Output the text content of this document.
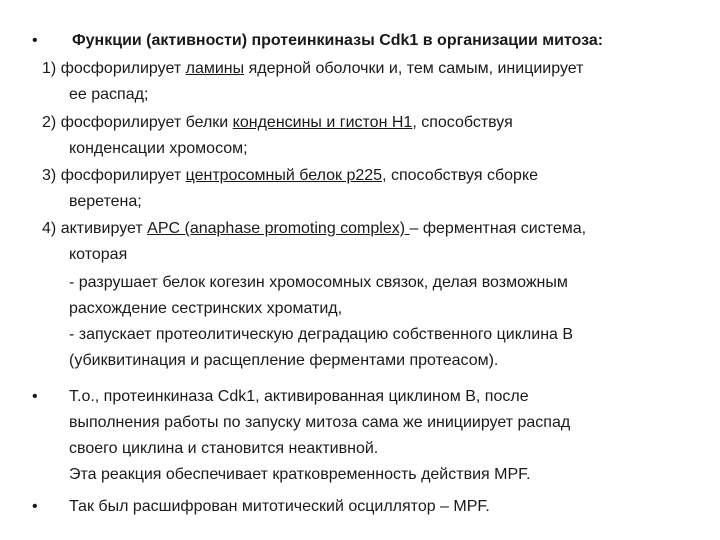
• Функции (активности) протеинкиназы Cdk1 в организации митоза:
1) фосфорилирует ламины ядерной оболочки и, тем самым, инициирует
ее распад;
2) фосфорилирует белки конденсины и гистон Н1, способствуя
конденсации хромосом;
3) фосфорилирует центросомный белок p225, способствуя сборке
веретена;
4) активирует APC (anaphase promoting complex) – ферментная система,
которая
- разрушает белок когезин хромосомных связок, делая возможным
расхождение сестринских хроматид,
- запускает протеолитическую деградацию собственного циклина B
(убиквитинация и расщепление ферментами протеасом).
• Т.о., протеинкиназа Cdk1, активированная циклином B, после
выполнения работы по запуску митоза сама же инициирует распад
своего циклина и становится неактивной.
Эта реакция обеспечивает кратковременность действия MPF.
• Так был расшифрован митотический осциллятор – MPF.
